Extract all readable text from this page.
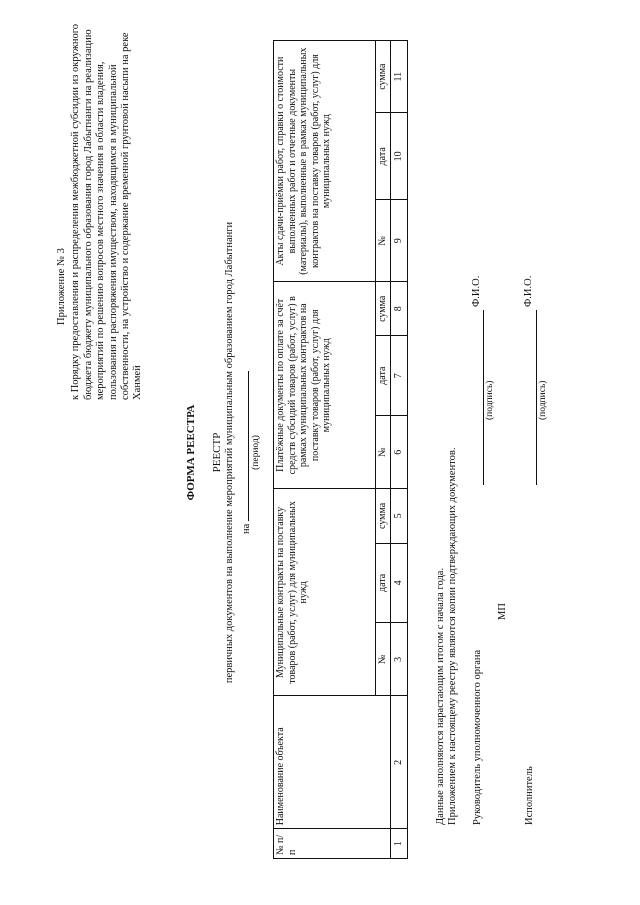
Приложение № 3 к Порядку предоставления и распределения межбюджетной субсидии из окружного бюджета бюджету муниципального образования город Лабытнанги на реализацию мероприятий по решению вопросов местного значения в области владения, пользования и распоряжения имуществом, находящимся в муниципальной собственности, на устройство и содержание временной грунтовой насыпи на реке Ханмей
ФОРМА РЕЕСТРА РЕЕСТР первичных документов на выполнение мероприятий муниципальным образованием город Лабытнанги на
(период)
№ п/п	Наименование объекта	Муниципальные контракты на поставку товаров (работ, услуг) для муниципальных нужд			Платёжные документы по оплате за счёт средств субсидий товаров (работ, услуг) в рамках муниципальных контрактов на поставку товаров (работ, услуг) для муниципальных нужд			Акты сдачи-приёмки работ, справки о стоимости выполненных работ и отчетные документы (материалы), выполненные в рамках муниципальных контрактов на поставку товаров (работ, услуг) для муниципальных нужд		
		№	дата	сумма	№	дата	сумма	№	дата	сумма
1	2	3	4	5	6	7	8	9	10	11
Данные заполняются нарастающим итогом с начала года. Приложением к настоящему реестру являются копии подтверждающих документов. Руководитель уполномоченного органа
Ф.И.О.
(подпись)
МП
Исполнитель
Ф.И.О.
(подпись)
